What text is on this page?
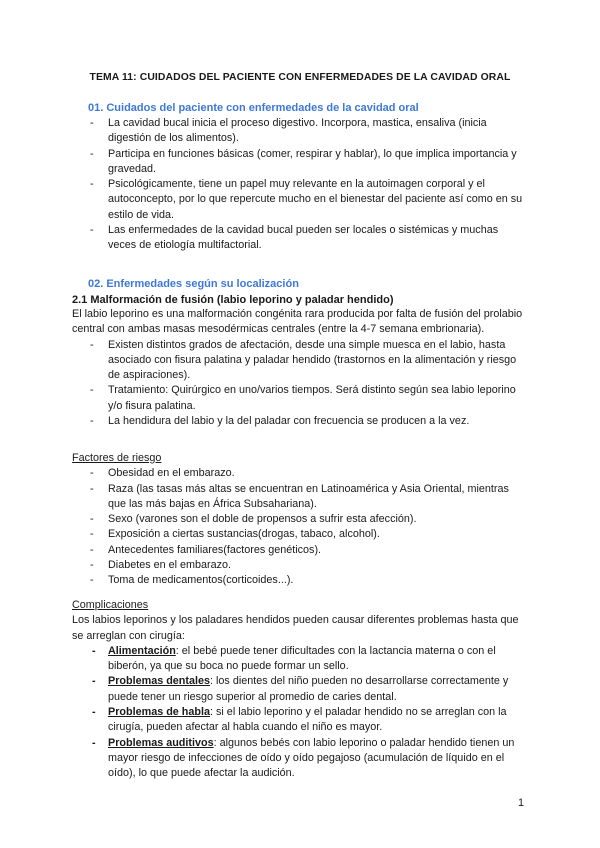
TEMA 11: CUIDADOS DEL PACIENTE CON ENFERMEDADES DE LA CAVIDAD ORAL
01. Cuidados del paciente con enfermedades de la cavidad oral
- La cavidad bucal inicia el proceso digestivo. Incorpora, mastica, ensaliva (inicia digestión de los alimentos).
- Participa en funciones básicas (comer, respirar y hablar), lo que implica importancia y gravedad.
- Psicológicamente, tiene un papel muy relevante en la autoimagen corporal y el autoconcepto, por lo que repercute mucho en el bienestar del paciente así como en su estilo de vida.
- Las enfermedades de la cavidad bucal pueden ser locales o sistémicas y muchas veces de etiología multifactorial.
02. Enfermedades según su localización
2.1 Malformación de fusión (labio leporino y paladar hendido)
El labio leporino es una malformación congénita rara producida por falta de fusión del prolabio central con ambas masas mesodérmicas centrales (entre la 4-7 semana embrionaria).
- Existen distintos grados de afectación, desde una simple muesca en el labio, hasta asociado con fisura palatina y paladar hendido (trastornos en la alimentación y riesgo de aspiraciones).
- Tratamiento: Quirúrgico en uno/varios tiempos. Será distinto según sea labio leporino y/o fisura palatina.
- La hendidura del labio y la del paladar con frecuencia se producen a la vez.
Factores de riesgo
- Obesidad en el embarazo.
- Raza (las tasas más altas se encuentran en Latinoamérica y Asia Oriental, mientras que las más bajas en África Subsahariana).
- Sexo (varones son el doble de propensos a sufrir esta afección).
- Exposición a ciertas sustancias(drogas, tabaco, alcohol).
- Antecedentes familiares(factores genéticos).
- Diabetes en el embarazo.
- Toma de medicamentos(corticoides...).
Complicaciones
Los labios leporinos y los paladares hendidos pueden causar diferentes problemas hasta que se arreglan con cirugía:
- Alimentación: el bebé puede tener dificultades con la lactancia materna o con el biberón, ya que su boca no puede formar un sello.
- Problemas dentales: los dientes del niño pueden no desarrollarse correctamente y puede tener un riesgo superior al promedio de caries dental.
- Problemas de habla: si el labio leporino y el paladar hendido no se arreglan con la cirugía, pueden afectar al habla cuando el niño es mayor.
- Problemas auditivos: algunos bebés con labio leporino o paladar hendido tienen un mayor riesgo de infecciones de oído y oído pegajoso (acumulación de líquido en el oído), lo que puede afectar la audición.
1
